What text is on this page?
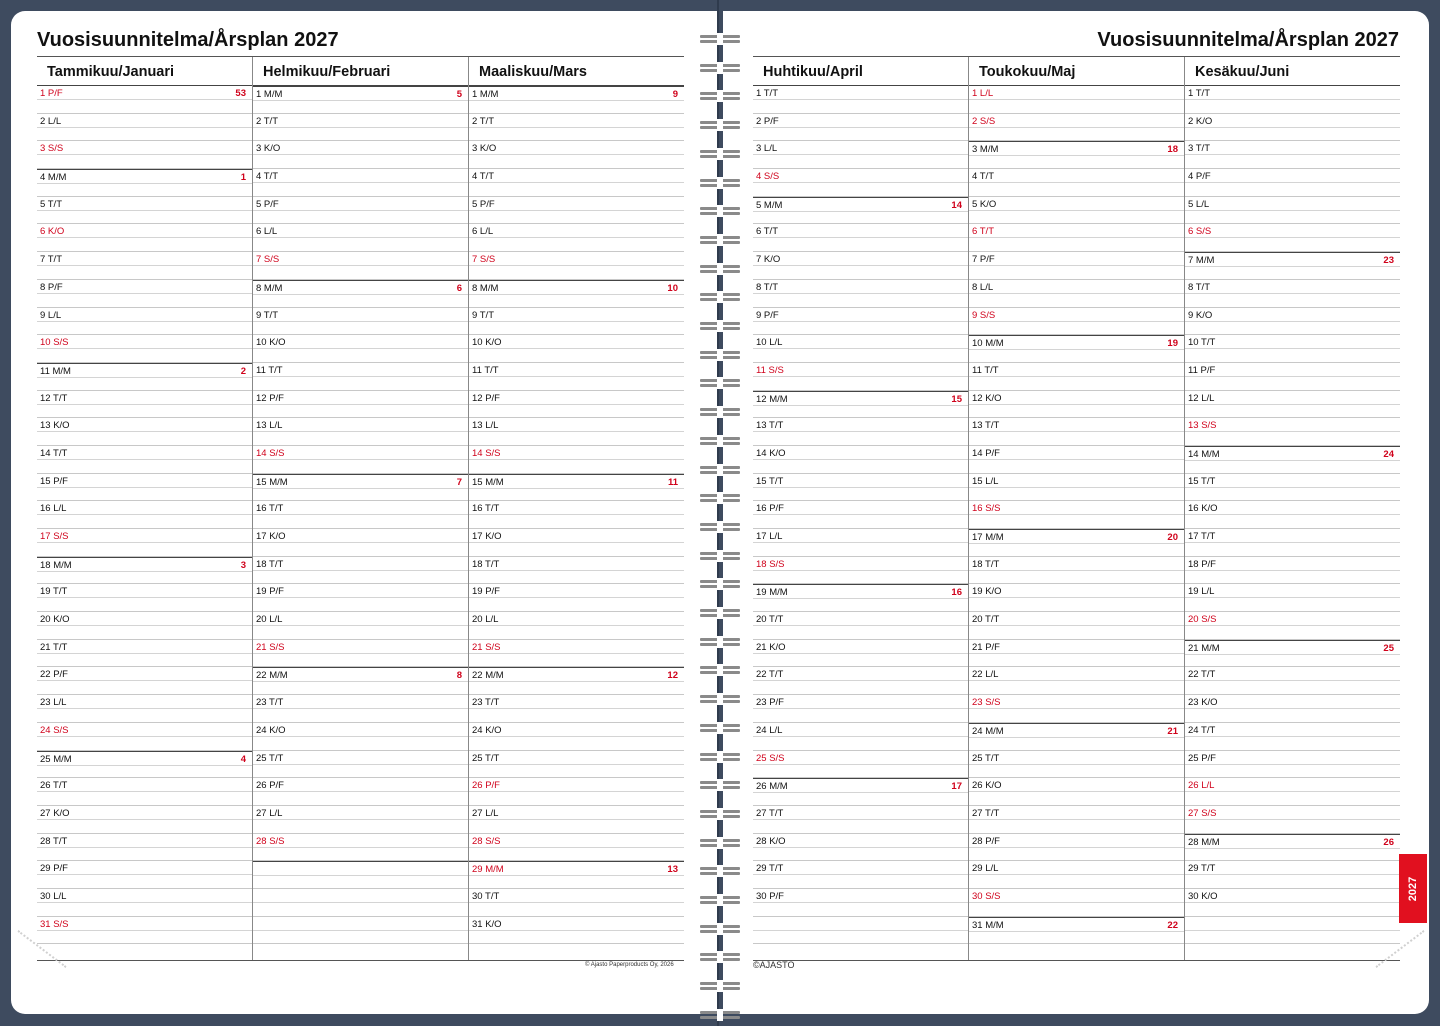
Vuosisuunnitelma/Årsplan 2027
Tammikuu/Januari
1 P/F	53
2 L/L
3 S/S
4 M/M	1
5 T/T
6 K/O
7 T/T
8 P/F
9 L/L
10 S/S
11 M/M	2
12 T/T
13 K/O
14 T/T
15 P/F
16 L/L
17 S/S
18 M/M	3
19 T/T
20 K/O
21 T/T
22 P/F
23 L/L
24 S/S
25 M/M	4
26 T/T
27 K/O
28 T/T
29 P/F
30 L/L
31 S/S
Helmikuu/Februari
1 M/M	5
2 T/T
3 K/O
4 T/T
5 P/F
6 L/L
7 S/S
8 M/M	6
9 T/T
10 K/O
11 T/T
12 P/F
13 L/L
14 S/S
15 M/M	7
16 T/T
17 K/O
18 T/T
19 P/F
20 L/L
21 S/S
22 M/M	8
23 T/T
24 K/O
25 T/T
26 P/F
27 L/L
28 S/S
Maaliskuu/Mars
1 M/M	9
2 T/T
3 K/O
4 T/T
5 P/F
6 L/L
7 S/S
8 M/M	10
9 T/T
10 K/O
11 T/T
12 P/F
13 L/L
14 S/S
15 M/M	11
16 T/T
17 K/O
18 T/T
19 P/F
20 L/L
21 S/S
22 M/M	12
23 T/T
24 K/O
25 T/T
26 P/F
27 L/L
28 S/S
29 M/M	13
30 T/T
31 K/O
© Ajasto Paperproducts Oy, 2026
Vuosisuunnitelma/Årsplan 2027
Huhtikuu/April
1 T/T
2 P/F
3 L/L
4 S/S
5 M/M	14
6 T/T
7 K/O
8 T/T
9 P/F
10 L/L
11 S/S
12 M/M	15
13 T/T
14 K/O
15 T/T
16 P/F
17 L/L
18 S/S
19 M/M	16
20 T/T
21 K/O
22 T/T
23 P/F
24 L/L
25 S/S
26 M/M	17
27 T/T
28 K/O
29 T/T
30 P/F
Toukokuu/Maj
1 L/L
2 S/S
3 M/M	18
4 T/T
5 K/O
6 T/T
7 P/F
8 L/L
9 S/S
10 M/M	19
11 T/T
12 K/O
13 T/T
14 P/F
15 L/L
16 S/S
17 M/M	20
18 T/T
19 K/O
20 T/T
21 P/F
22 L/L
23 S/S
24 M/M	21
25 T/T
26 K/O
27 T/T
28 P/F
29 L/L
30 S/S
31 M/M	22
Kesäkuu/Juni
1 T/T
2 K/O
3 T/T
4 P/F
5 L/L
6 S/S
7 M/M	23
8 T/T
9 K/O
10 T/T
11 P/F
12 L/L
13 S/S
14 M/M	24
15 T/T
16 K/O
17 T/T
18 P/F
19 L/L
20 S/S
21 M/M	25
22 T/T
23 K/O
24 T/T
25 P/F
26 L/L
27 S/S
28 M/M	26
29 T/T
30 K/O
©AJASTO
2027
